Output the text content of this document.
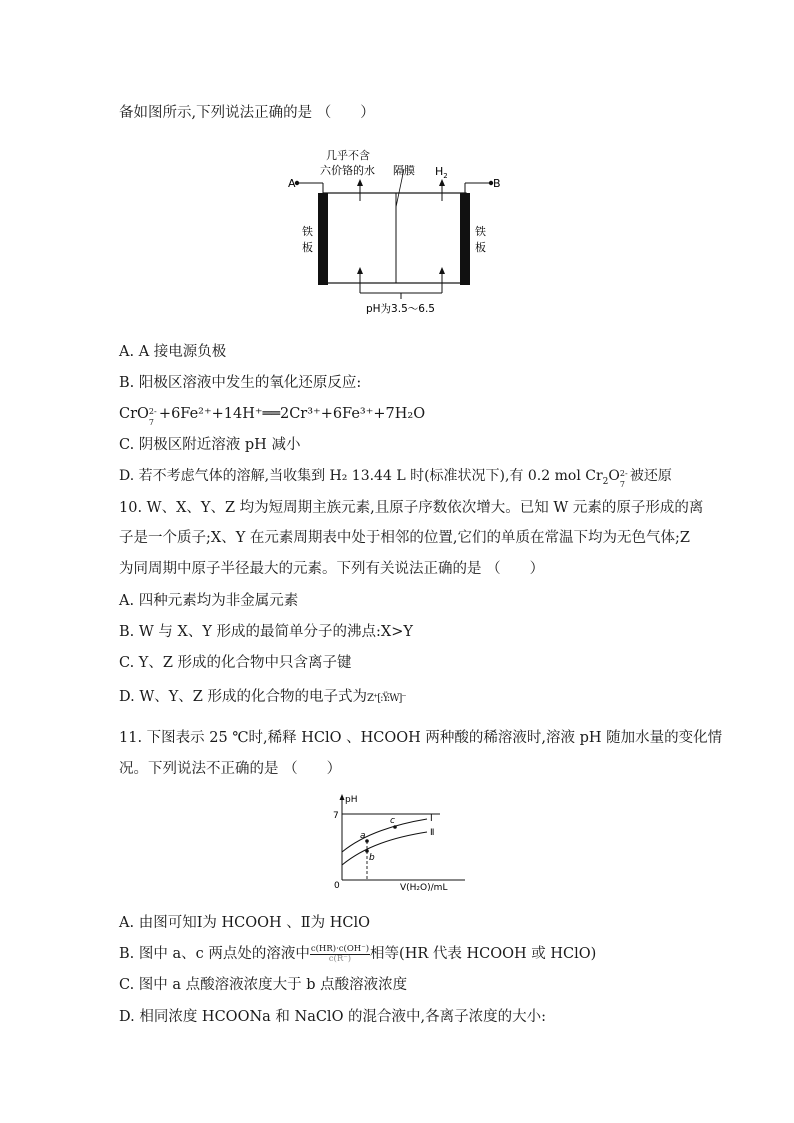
备如图所示,下列说法正确的是 （　　）
A	B
几乎不含
六价铬的水 隔膜 $H_2$
铁
板
铁
板
pH为3.5～6.5
A. A 接电源负极
B. 阳极区溶液中发生的氧化还原反应:
CrO 2-
7
+6Fe²⁺+14H⁺══2Cr³⁺+6Fe³⁺+7H₂O
C. 阴极区附近溶液 pH 减小
D. 若不考虑气体的溶解,当收集到 H₂ 13.44 L 时(标准状况下),有 0.2 mol $Cr_2O$ 2-
7
被还原
10. W、X、Y、Z 均为短周期主族元素,且原子序数依次增大。已知 W 元素的原子形成的离
子是一个质子;X、Y 在元素周期表中处于相邻的位置,它们的单质在常温下均为无色气体;Z
为同周期中原子半径最大的元素。下列有关说法正确的是 （　　）
A. 四种元素均为非金属元素
B. W 与 X、Y 形成的最简单分子的沸点:X>Y
C. Y、Z 形成的化合物中只含离子键
D. W、Y、Z 形成的化合物的电子式为Z⁺[:Ÿ:W]⁻
11. 下图表示 25 ℃时,稀释 HClO 、HCOOH 两种酸的稀溶液时,溶液 pH 随加水量的变化情
况。下列说法不正确的是 （　　）
pH
7
0	V(H₂O)/mL
a
b
c	Ⅰ
Ⅱ
A. 由图可知Ⅰ为 HCOOH 、Ⅱ为 HClO
B. 图中 a、c 两点处的溶液中 $\frac{c(HR)\cdot c(OH^-)}{c(R^-)}$ 相等(HR 代表 HCOOH 或 HClO)
C. 图中 a 点酸溶液浓度大于 b 点酸溶液浓度
D. 相同浓度 HCOONa 和 NaClO 的混合液中,各离子浓度的大小:
